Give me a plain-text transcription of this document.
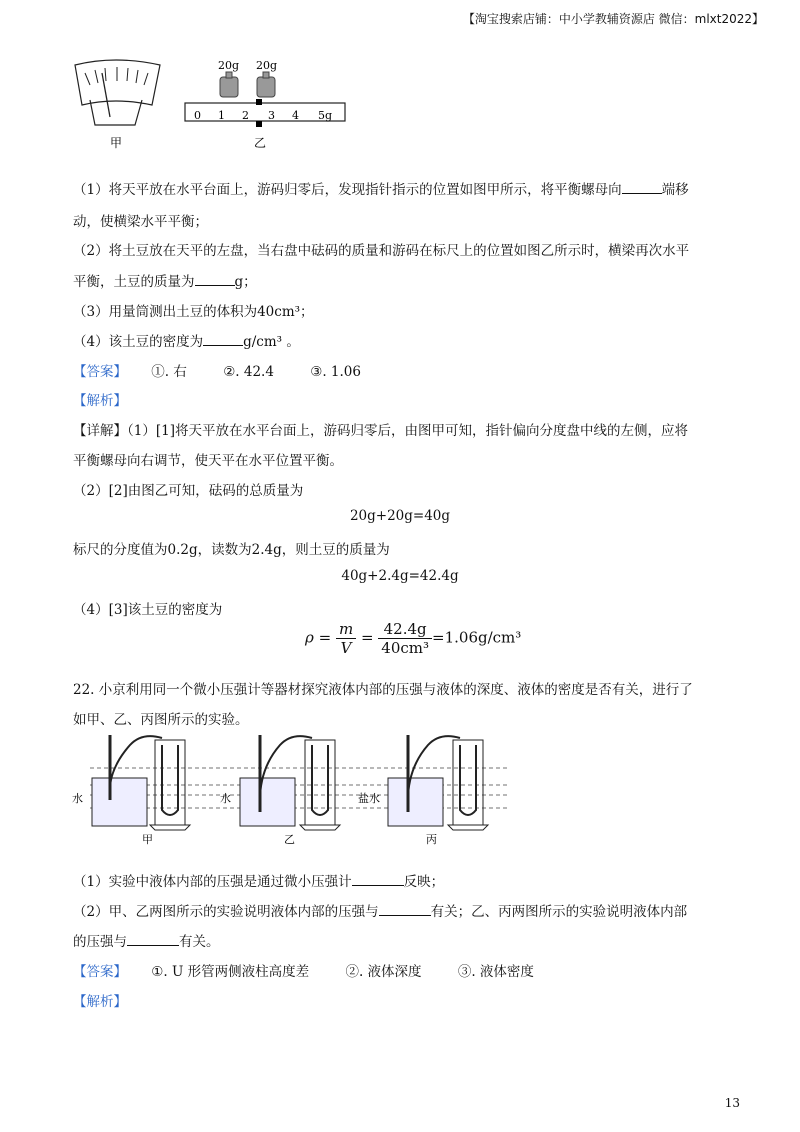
【淘宝搜索店铺：中小学教辅资源店 微信：mlxt2022】
甲
20g 20g
0 1 2 3 4 5g
乙
（1）将天平放在水平台面上，游码归零后，发现指针指示的位置如图甲所示，将平衡螺母向	端移
动，使横梁水平平衡；
（2）将土豆放在天平的左盘，当右盘中砝码的质量和游码在标尺上的位置如图乙所示时，横梁再次水平
平衡，土豆的质量为	g；
（3）用量筒测出土豆的体积为40cm³；
（4）该土豆的密度为	g/cm³ 。
【答案】 ①. 右	②. 42.4	③. 1.06
【解析】
【详解】（1）[1]将天平放在水平台面上，游码归零后，由图甲可知，指针偏向分度盘中线的左侧，应将
平衡螺母向右调节，使天平在水平位置平衡。
（2）[2]由图乙可知，砝码的总质量为
20g+20g=40g
标尺的分度值为0.2g，读数为2.4g，则土豆的质量为
40g+2.4g=42.4g
（4）[3]该土豆的密度为
$\rho = \frac{m}{V} = \frac{42.4g}{\text{40cm³}} =1.06g/cm^3$
22. 小京利用同一个微小压强计等器材探究液体内部的压强与液体的深度、液体的密度是否有关，进行了
如甲、乙、丙图所示的实验。
水	水	盐水
甲	乙	丙
（1）实验中液体内部的压强是通过微小压强计	反映；
（2）甲、乙两图所示的实验说明液体内部的压强与	有关；乙、丙两图所示的实验说明液体内部
的压强与	有关。
【答案】 ①. U 形管两侧液柱高度差	②. 液体深度	③. 液体密度
【解析】
13
